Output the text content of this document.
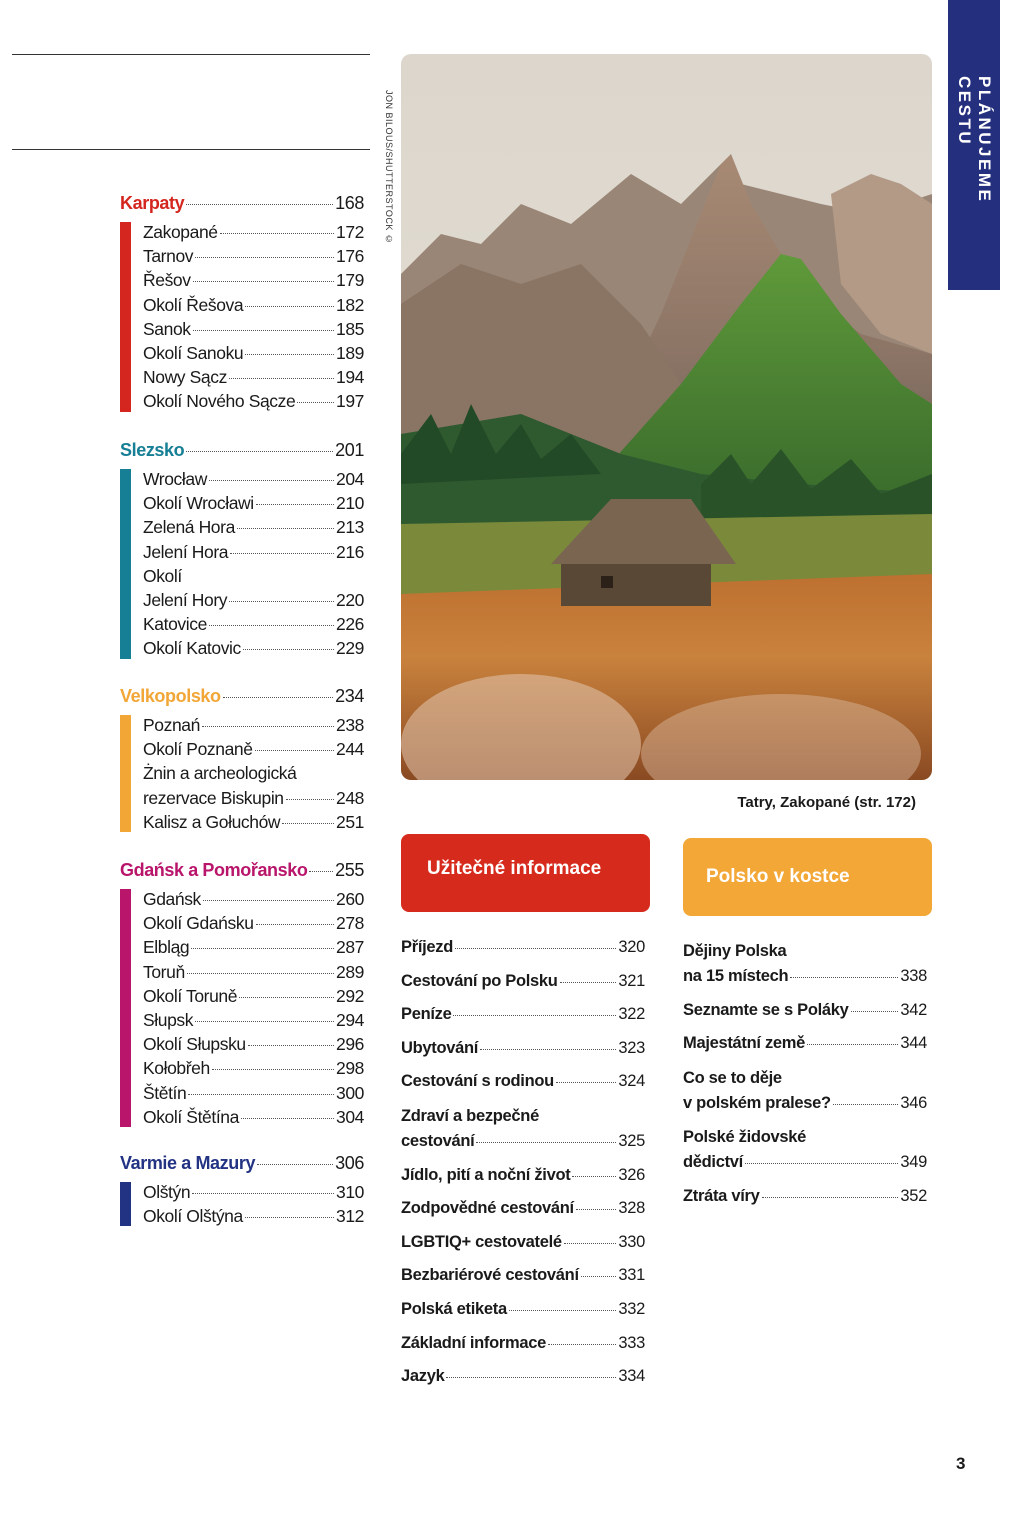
Karpaty	168
Zakopané	172
Tarnov	176
Řešov	179
Okolí Řešova	182
Sanok	185
Okolí Sanoku	189
Nowy Sącz	194
Okolí Nového Sącze 197
Slezsko	201
Wrocław	204
Okolí Wrocławi	210
Zelená Hora	213
Jelení Hora	216
Okolí
Jelení Hory	220
Katovice	226
Okolí Katovic	229
Velkopolsko	234
Poznań	238
Okolí Poznaně	244
Żnin a archeologická
rezervace Biskupin	248
Kalisz a Gołuchów	251
Gdańsk a Pomořansko 255
Gdańsk	260
Okolí Gdańsku	278
Elbląg	287
Toruň	289
Okolí Toruně	292
Słupsk	294
Okolí Słupsku	296
Kołobřeh	298
Štětín	300
Okolí Štětína	304
Varmie a Mazury	306
Olštýn	310
Okolí Olštýna	312
JON BILOUS/SHUTTERSTOCK ©
Tatry, Zakopané (str. 172)
PLÁNUJEME CESTU
Užitečné informace
Příjezd	320
Cestování po Polsku	321
Peníze	322
Ubytování	323
Cestování s rodinou	324
Zdraví a bezpečné
cestování	325
Jídlo, pití a noční život	326
Zodpovědné cestování	328
LGBTIQ+ cestovatelé	330
Bezbariérové cestování 331
Polská etiketa	332
Základní informace	333
Jazyk	334
Polsko v kostce
Dějiny Polska
na 15 místech	338
Seznamte se s Poláky	342
Majestátní země	344
Co se to děje
v polském pralese?	346
Polské židovské
dědictví	349
Ztráta víry	352
3
